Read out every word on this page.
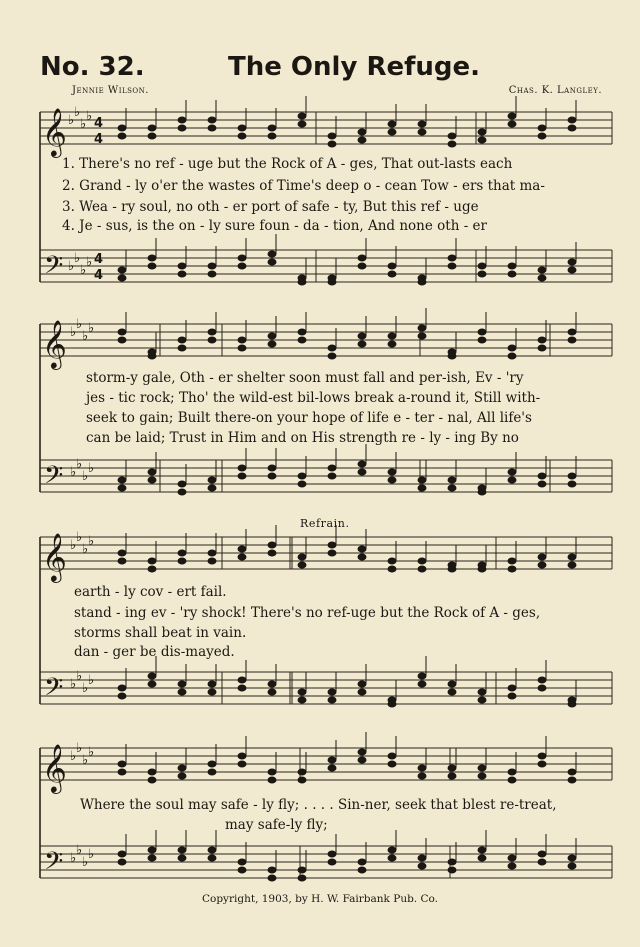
No. 32.	The Only Refuge.
Jennie Wilson.	Chas. K. Langley.
𝄞
𝄢
𝄞
𝄢
𝄞
𝄢
𝄞
𝄢
♭
♭
♭
♭
♭
♭
♭
♭
♭
♭
♭
♭
♭
♭
♭
♭
♭
♭
♭
♭
♭
♭
♭
♭
♭
♭
♭
♭
♭
♭
♭
♭
4
4
4
4
1. There's no ref - uge but the Rock of A - ges, That out-lasts each
2. Grand - ly o'er the wastes of Time's deep o - cean Tow - ers that ma-
3. Wea - ry soul, no oth - er port of safe - ty, But this ref - uge
4. Je - sus, is the on - ly sure foun - da - tion, And none oth - er
storm-y gale, Oth - er shelter soon must fall and per-ish, Ev - 'ry
jes - tic rock; Tho' the wild-est bil-lows break a-round it, Still with-
seek to gain; Built there-on your hope of life e - ter - nal, All life's
can be laid; Trust in Him and on His strength re - ly - ing By no
Refrain.
earth - ly cov - ert fail.
stand - ing ev - 'ry shock! There's no ref-uge but the Rock of A - ges,
storms shall beat in vain.
dan - ger be dis-mayed.
Where the soul may safe - ly fly; . . . . Sin-ner, seek that blest re-treat,
may safe-ly fly;
Copyright, 1903, by H. W. Fairbank Pub. Co.
